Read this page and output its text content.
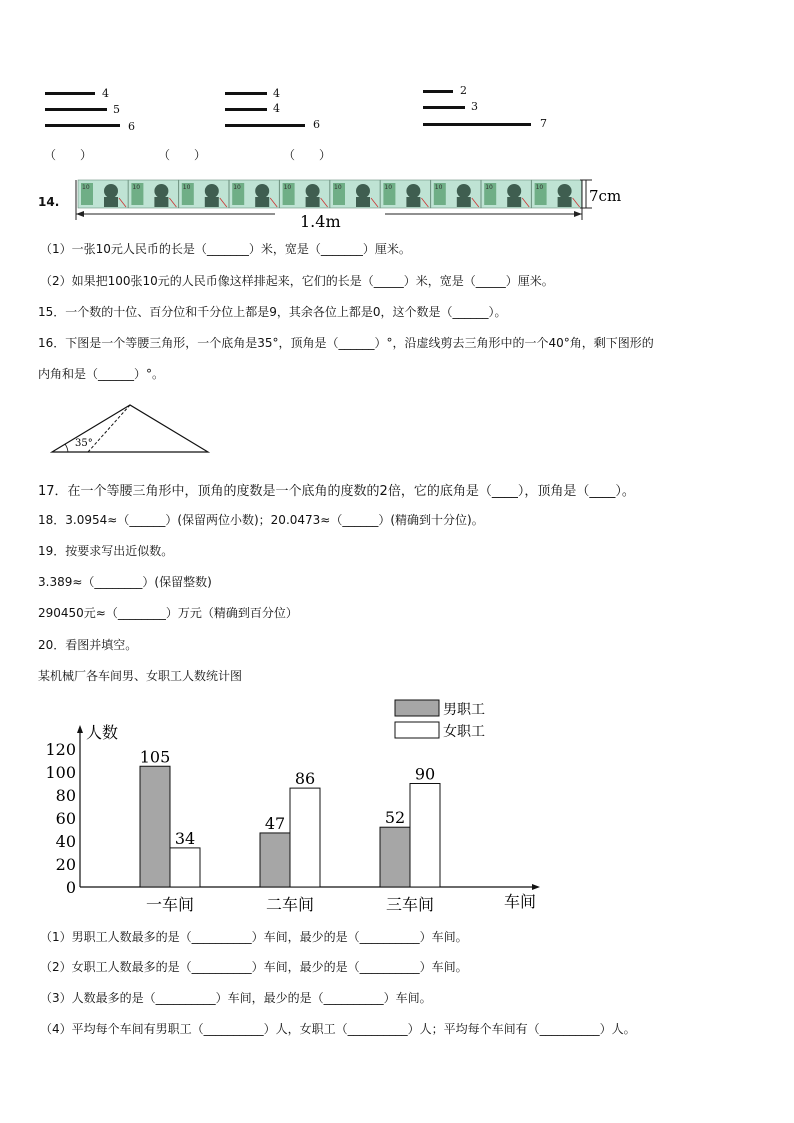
4
5
6
（　　）
4
4
6
（　　）
2
3
7
（　　）
14.
10	10	10	10	10	10	10	10	10	10
1.4m
7cm
（1）一张10元人民币的长是（_______）米，宽是（_______）厘米。
（2）如果把100张10元的人民币像这样排起来，它们的长是（_____）米，宽是（_____）厘米。
15．一个数的十位、百分位和千分位上都是9，其余各位上都是0，这个数是（______）。
16．下图是一个等腰三角形，一个底角是35°，顶角是（______）°，沿虚线剪去三角形中的一个40°角，剩下图形的
内角和是（______）°。
35°
17．在一个等腰三角形中，顶角的度数是一个底角的度数的2倍，它的底角是（____），顶角是（____）。
18．3.0954≈（______）(保留两位小数)；20.0473≈（______）(精确到十分位)。
19．按要求写出近似数。
3.389≈（________）(保留整数)
290450元≈（________）万元（精确到百分位）
20．看图并填空。
某机械厂各车间男、女职工人数统计图
人数
0
20
40
60
80
100
120	105
34
一车间
47
86
二车间
52
90
三车间	车间
男职工
女职工
（1）男职工人数最多的是（__________）车间，最少的是（__________）车间。
（2）女职工人数最多的是（__________）车间，最少的是（__________）车间。
（3）人数最多的是（__________）车间，最少的是（__________）车间。
（4）平均每个车间有男职工（__________）人，女职工（__________）人；平均每个车间有（__________）人。
